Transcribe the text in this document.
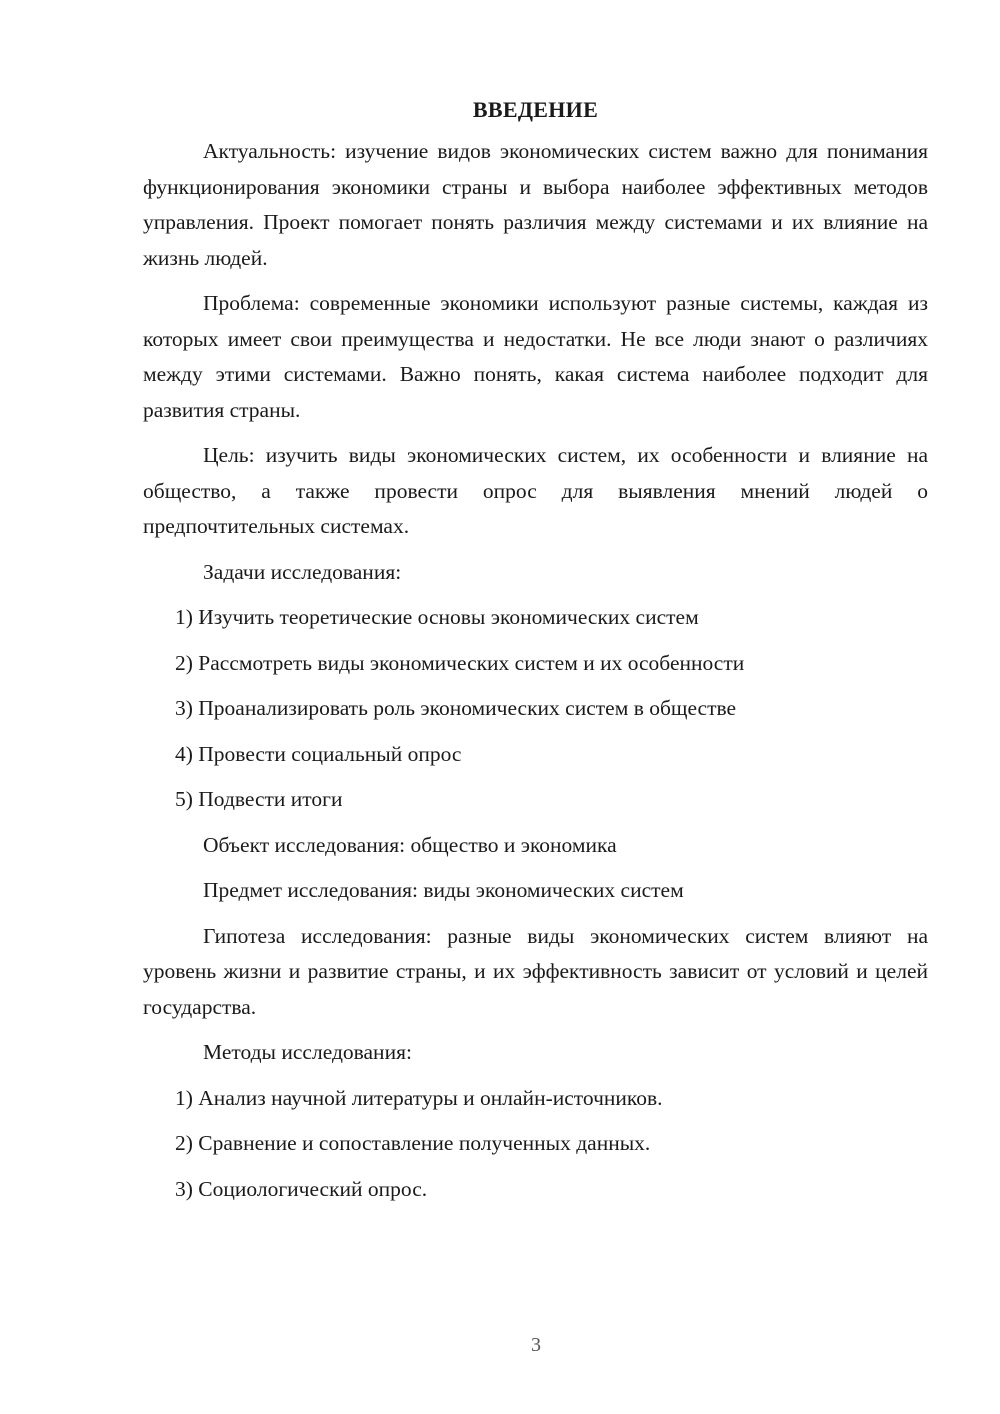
ВВЕДЕНИЕ

Актуальность: изучение видов экономических систем важно для понимания функционирования экономики страны и выбора наиболее эффективных методов управления. Проект помогает понять различия между системами и их влияние на жизнь людей.

Проблема: современные экономики используют разные системы, каждая из которых имеет свои преимущества и недостатки. Не все люди знают о различиях между этими системами. Важно понять, какая система наиболее подходит для развития страны.

Цель: изучить виды экономических систем, их особенности и влияние на общество, а также провести опрос для выявления мнений людей о предпочтительных системах.

Задачи исследования:
1) Изучить теоретические основы экономических систем
2) Рассмотреть виды экономических систем и их особенности
3) Проанализировать роль экономических систем в обществе
4) Провести социальный опрос
5) Подвести итоги
Объект исследования: общество и экономика
Предмет исследования: виды экономических систем

Гипотеза исследования: разные виды экономических систем влияют на уровень жизни и развитие страны, и их эффективность зависит от условий и целей государства.

Методы исследования:
1) Анализ научной литературы и онлайн-источников.
2) Сравнение и сопоставление полученных данных.
3) Социологический опрос.
3
